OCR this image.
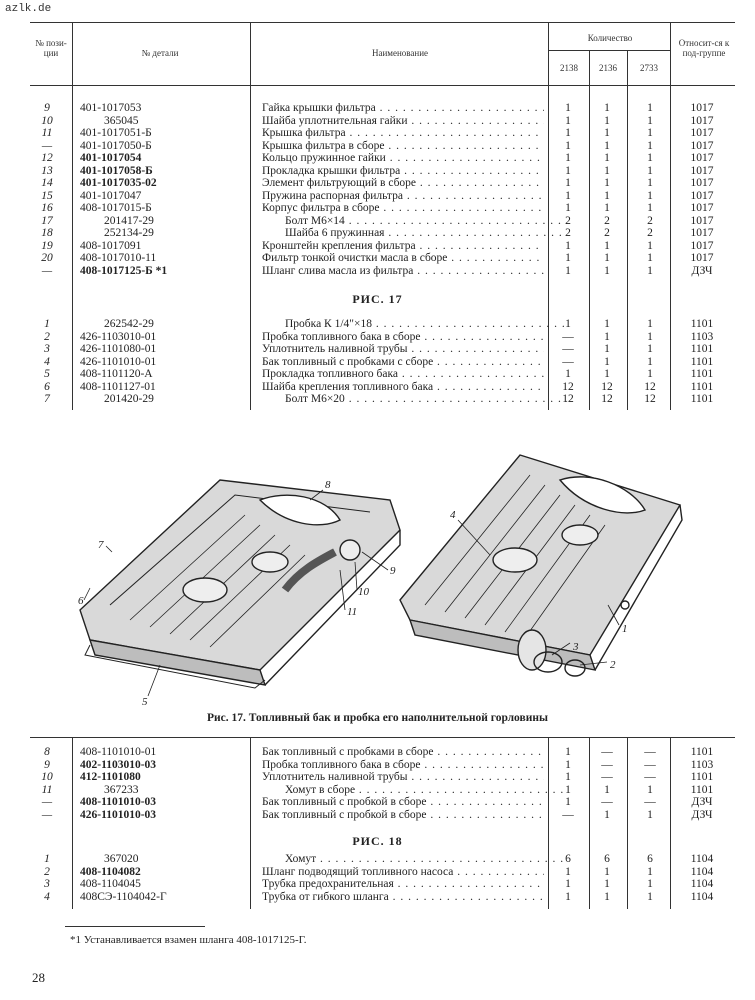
azlk.de
№ пози-ции	№ детали	Наименование
Количество
2138	2136	2733
Относит-ся к под-группе
9	401-1017053	Гайка крышки фильтра . . .	1	1	1	1017
10	365045	Шайба уплотнительная гайки . . .	1	1	1	1017
11	401-1017051-Б	Крышка фильтра . . .	1	1	1	1017
—	401-1017050-Б	Крышка фильтра в сборе . . .	1	1	1	1017
12	401-1017054	Кольцо пружинное гайки . . .	1	1	1	1017
13	401-1017058-Б	Прокладка крышки фильтра . . .	1	1	1	1017
14	401-1017035-02	Элемент фильтрующий в сборе . . .	1	1	1	1017
15	401-1017047	Пружина распорная фильтра . . .	1	1	1	1017
16	408-1017015-Б	Корпус фильтра в сборе . . .	1	1	1	1017
17	201417-29	Болт М6×14 . . .	2	2	2	1017
18	252134-29	Шайба 6 пружинная . . .	2	2	2	1017
19	408-1017091	Кронштейн крепления фильтра . . .	1	1	1	1017
20	408-1017010-11	Фильтр тонкой очистки масла в сборе . . .	1	1	1	1017
—	408-1017125-Б *1	Шланг слива масла из фильтра . . .	1	1	1	ДЗЧ
РИС. 17
1	262542-29	Пробка К 1/4"×18 . . .	1	1	1	1101
2	426-1103010-01	Пробка топливного бака в сборе . . .	—	1	1	1103
3	426-1101080-01	Уплотнитель наливной трубы . . .	—	1	1	1101
4	426-1101010-01	Бак топливный с пробками с сборе . . .	—	1	1	1101
5	408-1101120-А	Прокладка топливного бака . . .	1	1	1	1101
6	408-1101127-01	Шайба крепления топливного бака . . .	12	12	12	1101
7	201420-29	Болт М6×20 . . .	12	12	12	1101
1
2
3
4
5
6
7
8
9
10
11
Рис. 17. Топливный бак и пробка его наполнительной горловины
8	408-1101010-01	Бак топливный с пробками в сборе . . .	1	—	—	1101
9	402-1103010-03	Пробка топливного бака в сборе . . .	1	—	—	1103
10	412-1101080	Уплотнитель наливной трубы . . .	1	—	—	1101
11	367233	Хомут в сборе . . .	1	1	1	1101
—	408-1101010-03	Бак топливный с пробкой в сборе . . .	1	—	—	ДЗЧ
—	426-1101010-03	Бак топливный с пробкой в сборе . . .	—	1	1	ДЗЧ
РИС. 18
1	367020	Хомут . . .	6	6	6	1104
2	408-1104082	Шланг подводящий топливного насоса . . .	1	1	1	1104
3	408-1104045	Трубка предохранительная . . .	1	1	1	1104
4	408СЭ-1104042-Г	Трубка от гибкого шланга . . .	1	1	1	1104
*1 Устанавливается взамен шланга 408-1017125-Г.
28
